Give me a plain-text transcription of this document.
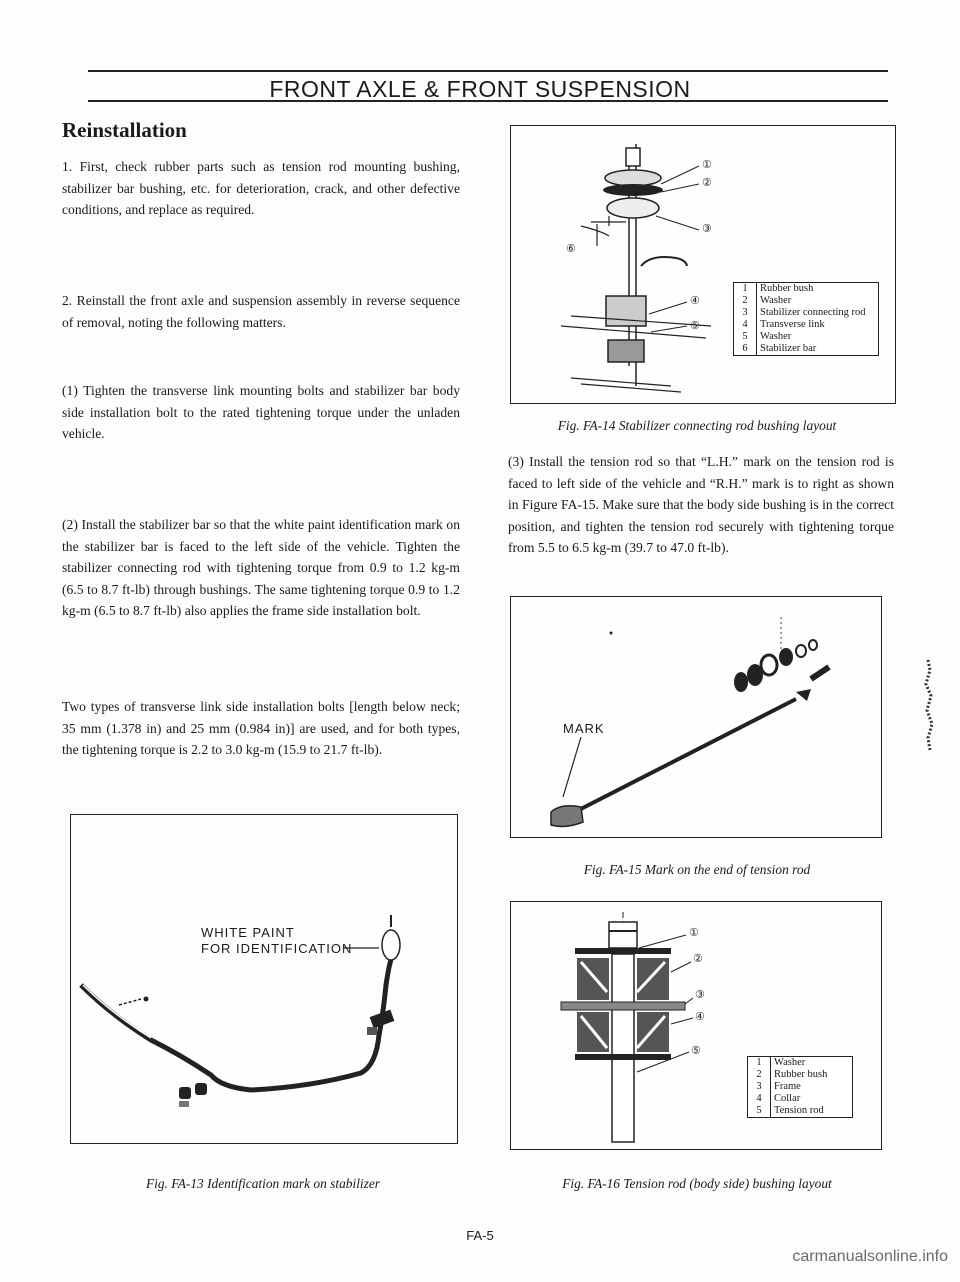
FRONT AXLE & FRONT SUSPENSION
Reinstallation

1. First, check rubber parts such as tension rod mounting bushing, stabilizer bar bushing, etc. for deterioration, crack, and other defective conditions, and replace as required.

2. Reinstall the front axle and suspension assembly in reverse sequence of removal, noting the following matters.

(1) Tighten the transverse link mounting bolts and stabilizer bar body side installation bolt to the rated tightening torque under the unladen vehicle.

(2) Install the stabilizer bar so that the white paint identification mark on the stabilizer bar is faced to the left side of the vehicle. Tighten the stabilizer connecting rod with tightening torque from 0.9 to 1.2 kg-m (6.5 to 8.7 ft-lb) through bushings. The same tightening torque 0.9 to 1.2 kg-m (6.5 to 8.7 ft-lb) also applies the frame side installation bolt.

Two types of transverse link side installation bolts [length below neck; 35 mm (1.378 in) and 25 mm (0.984 in)] are used, and for both types, the tightening torque is 2.2 to 3.0 kg-m (15.9 to 21.7 ft-lb).

WHITE PAINT
FOR IDENTIFICATION
Fig. FA-13 Identification mark on stabilizer
①
②
③
④
⑤
⑥
1	Rubber bush
2	Washer
3	Stabilizer connecting rod
4	Transverse link
5	Washer
6	Stabilizer bar
Fig. FA-14 Stabilizer connecting rod bushing layout

(3) Install the tension rod so that “L.H.” mark on the tension rod is faced to left side of the vehicle and “R.H.” mark is to right as shown in Figure FA-15. Make sure that the body side bushing is in the correct position, and tighten the tension rod securely with tightening torque from 5.5 to 6.5 kg-m (39.7 to 47.0 ft-lb).

MARK
Fig. FA-15 Mark on the end of tension rod
①
②
③
④
⑤
1	Washer
2	Rubber bush
3	Frame
4	Collar
5	Tension rod
Fig. FA-16 Tension rod (body side) bushing layout
FA-5
carmanualsonline.info
